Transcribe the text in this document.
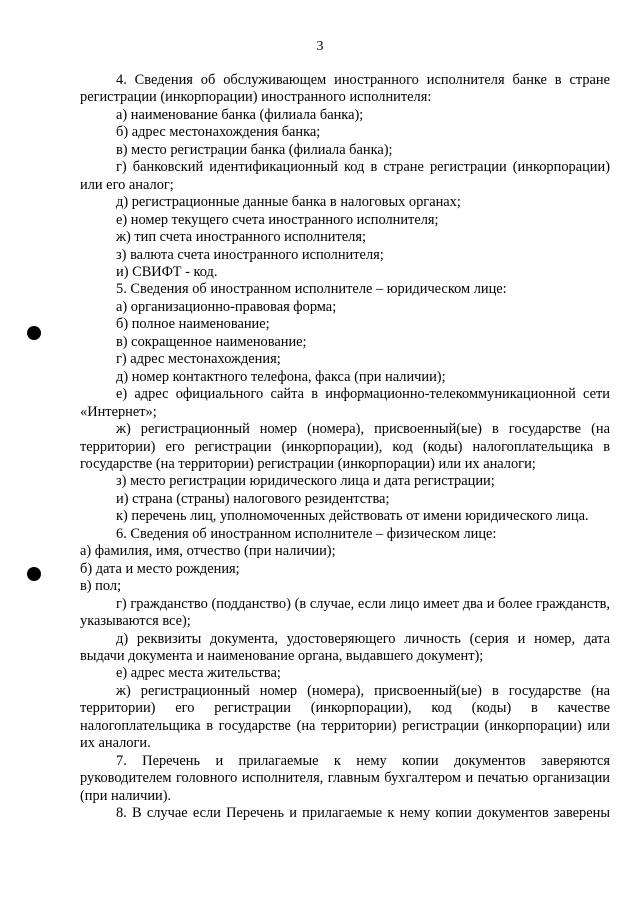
3

4. Сведения об обслуживающем иностранного исполнителя банке в стране регистрации (инкорпорации) иностранного исполнителя:

а) наименование банка (филиала банка);

б) адрес местонахождения банка;

в) место регистрации банка (филиала банка);

г) банковский идентификационный код в стране регистрации (инкорпорации) или его аналог;

д) регистрационные данные банка в налоговых органах;

е) номер текущего счета иностранного исполнителя;

ж) тип счета иностранного исполнителя;

з) валюта счета иностранного исполнителя;

и) СВИФТ - код.

5. Сведения об иностранном исполнителе – юридическом лице:

а) организационно-правовая форма;

б) полное наименование;

в) сокращенное наименование;

г) адрес местонахождения;

д) номер контактного телефона, факса (при наличии);

е) адрес официального сайта в информационно-телекоммуникационной сети «Интернет»;

ж) регистрационный номер (номера), присвоенный(ые) в государстве (на территории) его регистрации (инкорпорации), код (коды) налогоплательщика в государстве (на территории) регистрации (инкорпорации) или их аналоги;

з) место регистрации юридического лица и дата регистрации;

и) страна (страны) налогового резидентства;

к) перечень лиц, уполномоченных действовать от имени юридического лица.

6. Сведения об иностранном исполнителе – физическом лице:

а) фамилия, имя, отчество (при наличии);

б) дата и место рождения;

в) пол;

г) гражданство (подданство) (в случае, если лицо имеет два и более гражданств, указываются все);

д) реквизиты документа, удостоверяющего личность (серия и номер, дата выдачи документа и наименование органа, выдавшего документ);

е) адрес места жительства;

ж) регистрационный номер (номера), присвоенный(ые) в государстве (на территории) его регистрации (инкорпорации), код (коды) в качестве налогоплательщика в государстве (на территории) регистрации (инкорпорации) или их аналоги.

7. Перечень и прилагаемые к нему копии документов заверяются руководителем головного исполнителя, главным бухгалтером и печатью организации (при наличии).

8. В случае если Перечень и прилагаемые к нему копии документов заверены
